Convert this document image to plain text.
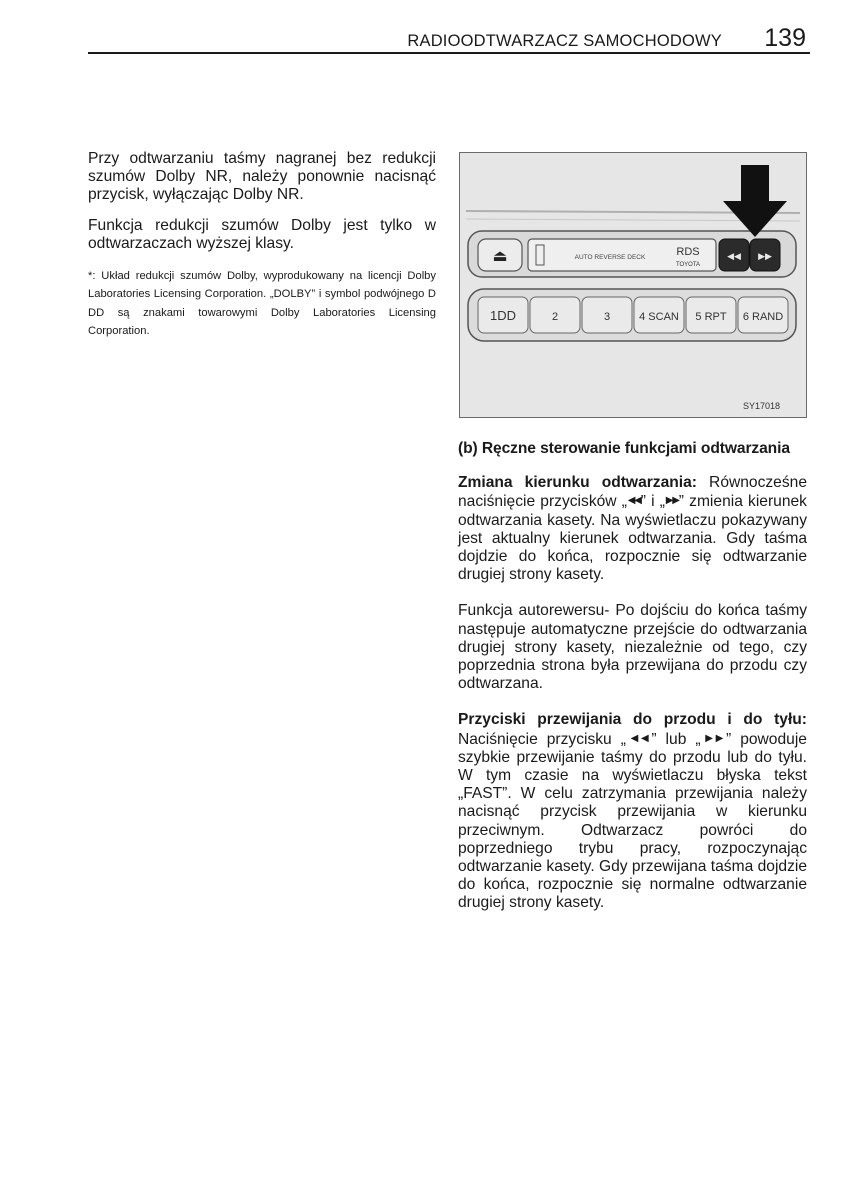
RADIOODTWARZACZ SAMOCHODOWY 139

Przy odtwarzaniu taśmy nagranej bez redukcji szumów Dolby NR, należy ponownie nacisnąć przycisk, wyłączając Dolby NR.

Funkcja redukcji szumów Dolby jest tylko w odtwarzaczach wyższej klasy.

*: Układ redukcji szumów Dolby, wyprodukowany na licencji Dolby Laboratories Licensing Corporation. „DOLBY” i symbol podwójnego D DD są znakami towarowymi Dolby Laboratories Licensing Corporation.

⏏	AUTO REVERSE DECK	RDS
TOYOTA
◀◀ ▶▶
1DD	2	3	4 SCAN 5 RPT 6 RAND
SY17018

(b) Ręczne sterowanie funkcjami odtwarzania

Zmiana kierunku odtwarzania: Równocześne naciśnięcie przycisków „◀◀” i „▶▶” zmienia kierunek odtwarzania kasety. Na wyświetlaczu pokazywany jest aktualny kierunek odtwarzania. Gdy taśma dojdzie do końca, rozpocznie się odtwarzanie drugiej strony kasety.

Funkcja autorewersu- Po dojściu do końca taśmy następuje automatyczne przejście do odtwarzania drugiej strony kasety, niezależnie od tego, czy poprzednia strona była przewijana do przodu czy odtwarzana.

Przyciski przewijania do przodu i do tyłu: Naciśnięcie przycisku „◀◀” lub „▶▶” powoduje szybkie przewijanie taśmy do przodu lub do tyłu. W tym czasie na wyświetlaczu błyska tekst „FAST”. W celu zatrzymania przewijania należy nacisnąć przycisk przewijania w kierunku przeciwnym. Odtwarzacz powróci do poprzedniego trybu pracy, rozpoczynając odtwarzanie kasety. Gdy przewijana taśma dojdzie do końca, rozpocznie się normalne odtwarzanie drugiej strony kasety.
